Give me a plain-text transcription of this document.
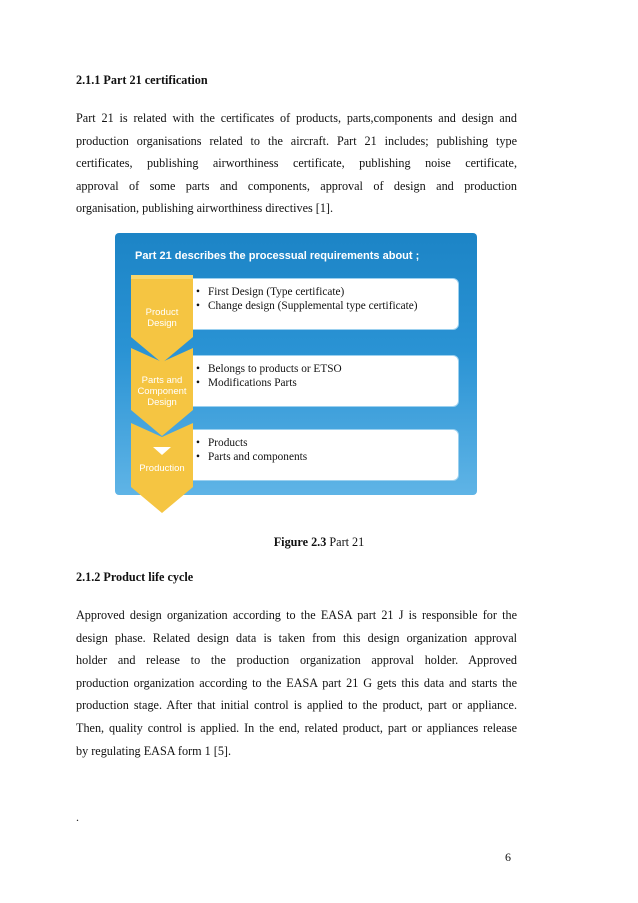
2.1.1 Part 21 certification
Part 21 is related with the certificates of products, parts,components and design and
production organisations related to the aircraft. Part 21 includes; publishing type
certificates, publishing airworthiness certificate, publishing noise certificate,
approval of some parts and components, approval of design and production
organisation, publishing airworthiness directives [1].
Part 21 describes the processual requirements about ;
• First Design (Type certificate)
• Change design (Supplemental type certificate)
• Belongs to products or ETSO
• Modifications Parts
• Products
• Parts and components
Product Design
Parts and Component Design
Production
Figure 2.3 Part 21
2.1.2 Product life cycle
Approved design organization according to the EASA part 21 J is responsible for the
design phase. Related design data is taken from this design organization approval
holder and release to the production organization approval holder. Approved
production organization according to the EASA part 21 G gets this data and starts the
production stage. After that initial control is applied to the product, part or appliance.
Then, quality control is applied. In the end, related product, part or appliances release
by regulating EASA form 1 [5].
.
6
